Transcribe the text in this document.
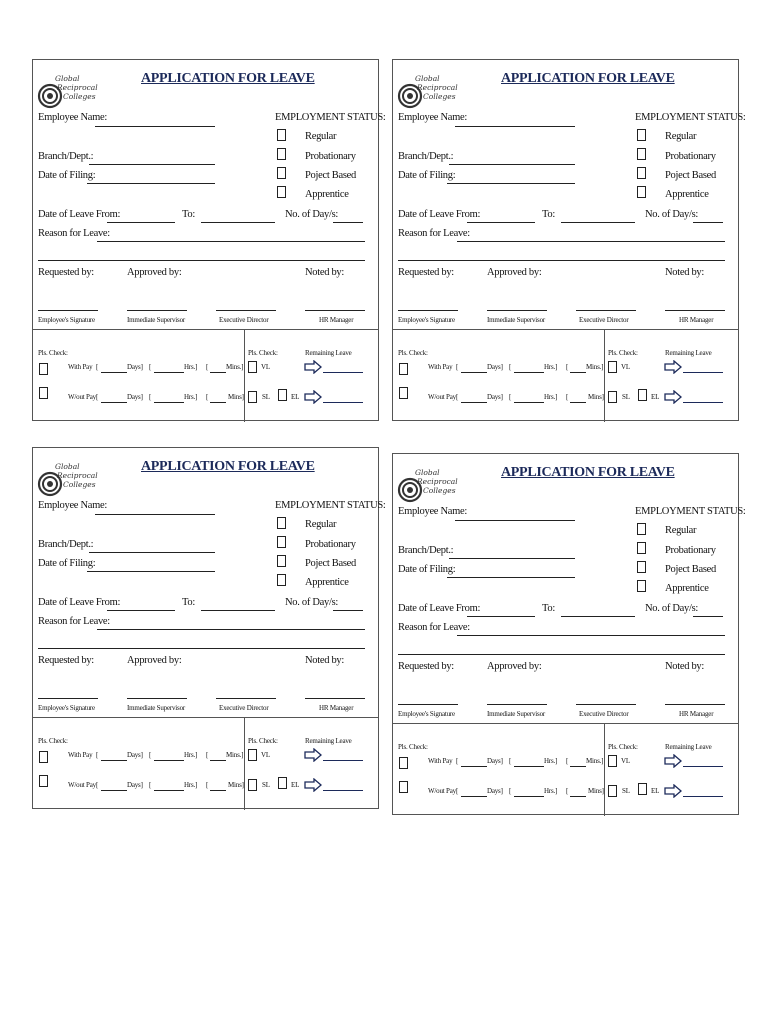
Global
Reciprocal
Colleges
APPLICATION FOR LEAVE
Employee Name:	EMPLOYMENT STATUS:
Regular
Probationary
Poject Based
Apprentice
Branch/Dept.:
Date of Filing:
Date of Leave From:	To:	No. of Day/s:
Reason for Leave:
Requested by:	Approved by:	Noted by:
Employee's Signature	Immediate Supervisor	Executive Director	HR Manager
Pls. Check:
With Pay [	Days] [	Hrs.] [	Mins.]
W/out Pay[	Days] [	Hrs.] [	Mins]
Pls. Check:
VL
SL	EL
Remaining Leave
Global
Reciprocal
Colleges
APPLICATION FOR LEAVE
Employee Name:	EMPLOYMENT STATUS:
Regular
Probationary
Poject Based
Apprentice
Branch/Dept.:
Date of Filing:
Date of Leave From:	To:	No. of Day/s:
Reason for Leave:
Requested by:	Approved by:	Noted by:
Employee's Signature	Immediate Supervisor	Executive Director	HR Manager
Pls. Check:
With Pay [	Days] [	Hrs.] [	Mins.]
W/out Pay[	Days] [	Hrs.] [	Mins]
Pls. Check:
VL
SL	EL
Remaining Leave
Global
Reciprocal
Colleges
APPLICATION FOR LEAVE
Employee Name:	EMPLOYMENT STATUS:
Regular
Probationary
Poject Based
Apprentice
Branch/Dept.:
Date of Filing:
Date of Leave From:	To:	No. of Day/s:
Reason for Leave:
Requested by:	Approved by:	Noted by:
Employee's Signature	Immediate Supervisor	Executive Director	HR Manager
Pls. Check:
With Pay [	Days] [	Hrs.] [	Mins.]
W/out Pay[	Days] [	Hrs.] [	Mins]
Pls. Check:
VL
SL	EL
Remaining Leave
Global
Reciprocal
Colleges
APPLICATION FOR LEAVE
Employee Name:	EMPLOYMENT STATUS:
Regular
Probationary
Poject Based
Apprentice
Branch/Dept.:
Date of Filing:
Date of Leave From:	To:	No. of Day/s:
Reason for Leave:
Requested by:	Approved by:	Noted by:
Employee's Signature	Immediate Supervisor	Executive Director	HR Manager
Pls. Check:
With Pay [	Days] [	Hrs.] [	Mins.]
W/out Pay[	Days] [	Hrs.] [	Mins]
Pls. Check:
VL
SL	EL
Remaining Leave
